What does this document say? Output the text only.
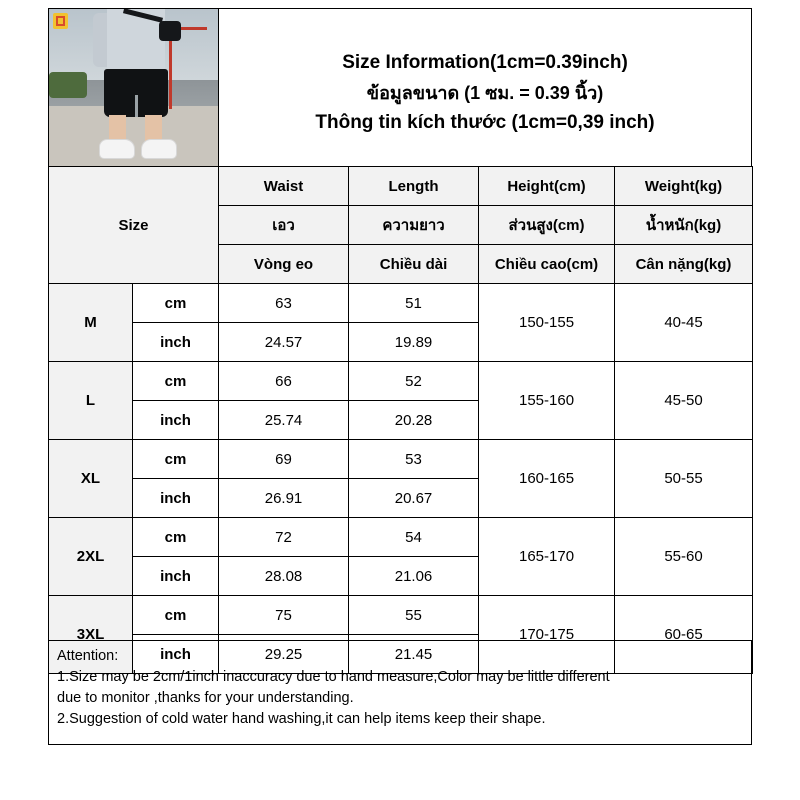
Size Information(1cm=0.39inch)
ข้อมูลขนาด (1 ซม. = 0.39 นิ้ว)
Thông tin kích thước (1cm=0,39 inch)
Size		Waist	Length	Height(cm)	Weight(kg)
		เอว	ความยาว	ส่วนสูง(cm)	น้ำหนัก(kg)
		Vòng eo	Chiều dài	Chiều cao(cm)	Cân nặng(kg)
M	cm	63	51	150-155	40-45
	inch	24.57	19.89		
L	cm	66	52	155-160	45-50
	inch	25.74	20.28		
XL	cm	69	53	160-165	50-55
	inch	26.91	20.67		
2XL	cm	72	54	165-170	55-60
	inch	28.08	21.06		
3XL	cm	75	55	170-175	60-65
	inch	29.25	21.45		
Attention:
1.Size may be 2cm/1inch inaccuracy due to hand measure,Color may be little different
due to monitor ,thanks for your understanding.
2.Suggestion of cold water hand washing,it can help items keep their shape.
